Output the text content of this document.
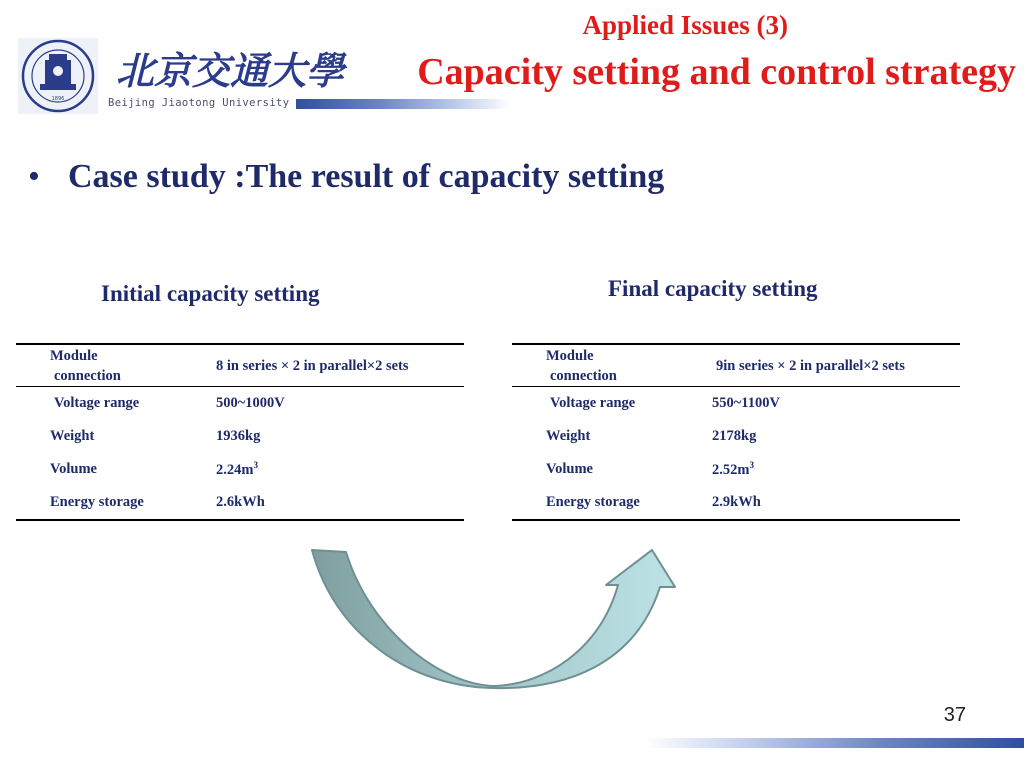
1896
北京交通大學
Beijing Jiaotong University
Applied Issues (3)
Capacity setting and control strategy
• Case study :The result of capacity setting
Initial capacity setting	Final capacity setting
Module
connection	8 in series × 2 in parallel×2 sets
Voltage range	500~1000V
Weight	1936kg
Volume	$2.24m^3$
Energy storage	2.6kWh
Module
connection	9in series × 2 in parallel×2 sets
Voltage range	550~1100V
Weight	2178kg
Volume	$2.52m^3$
Energy storage	2.9kWh
37
